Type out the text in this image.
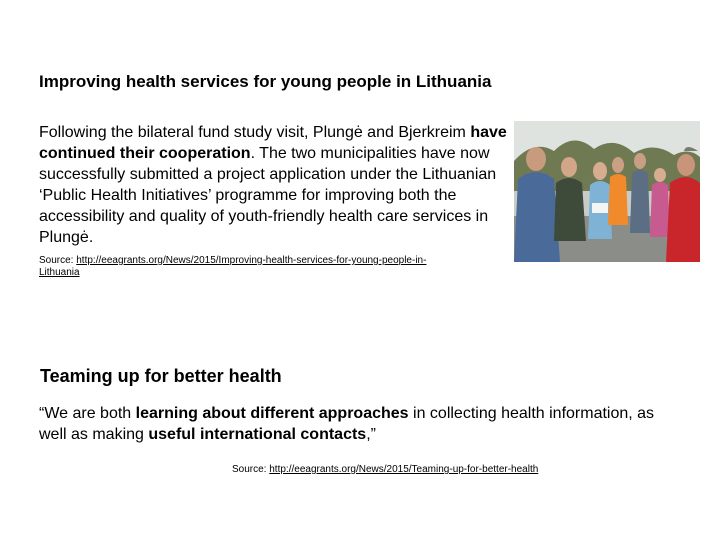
Improving health services for young people in Lithuania
Following the bilateral fund study visit, Plungė and Bjerkreim have continued their cooperation. The two municipalities have now successfully submitted a project application under the Lithuanian ‘Public Health Initiatives’ programme for improving both the accessibility and quality of youth-friendly health care services in Plungė.
Source: http://eeagrants.org/News/2015/Improving-health-services-for-young-people-in-Lithuania
Teaming up for better health
“We are both learning about different approaches in collecting health information, as well as making useful international contacts,”
Source: http://eeagrants.org/News/2015/Teaming-up-for-better-health
